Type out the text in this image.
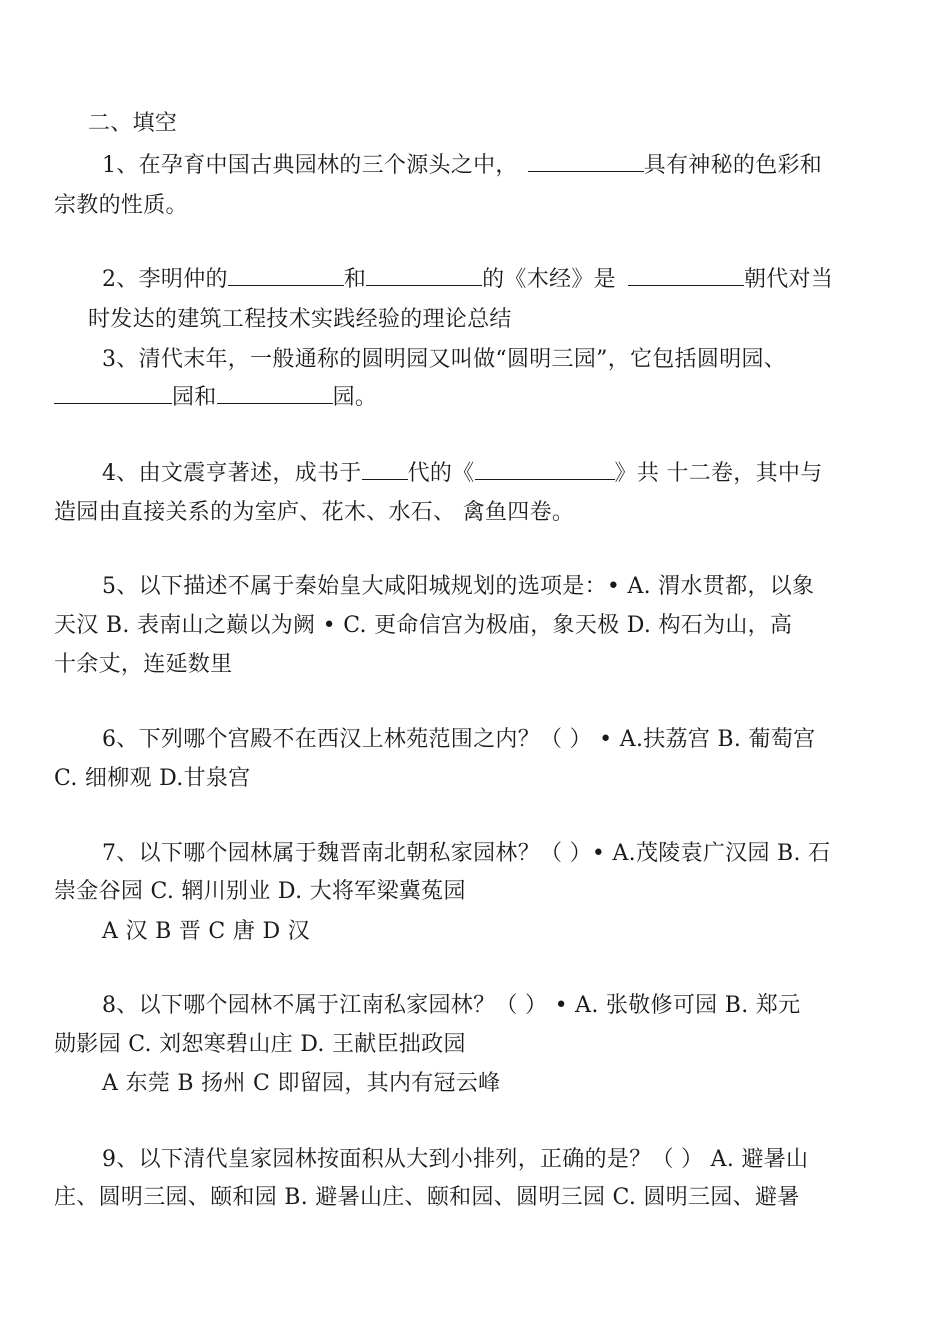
二、填空
1、在孕育中国古典园林的三个源头之中，	具有神秘的色彩和
宗教的性质。
2、李明仲的	和	的《木经》是	朝代对当
时发达的建筑工程技术实践经验的理论总结
3、清代末年，一般通称的圆明园又叫做“圆明三园”，它包括圆明园、
园和	园。
4、由文震亨著述，成书于 代的《	》共 十二卷，其中与
造园由直接关系的为室庐、花木、水石、 禽鱼四卷。
5、以下描述不属于秦始皇大咸阳城规划的选项是：• A. 渭水贯都，以象
天汉 B. 表南山之巅以为阙 • C. 更命信宫为极庙，象天极 D. 构石为山，高
十余丈，连延数里
6、下列哪个宫殿不在西汉上林苑范围之内？（ ） • A.扶荔宫 B. 葡萄宫
C. 细柳观 D.甘泉宫
7、以下哪个园林属于魏晋南北朝私家园林？（ ）• A.茂陵袁广汉园 B. 石
崇金谷园 C. 辋川别业 D. 大将军梁冀菟园
A 汉 B 晋 C 唐 D 汉
8、以下哪个园林不属于江南私家园林？（ ） • A. 张敬修可园 B. 郑元
勋影园 C. 刘恕寒碧山庄 D. 王献臣拙政园
A 东莞 B 扬州 C 即留园，其内有冠云峰
9、以下清代皇家园林按面积从大到小排列，正确的是？（ ） A. 避暑山
庄、圆明三园、颐和园 B. 避暑山庄、颐和园、圆明三园 C. 圆明三园、避暑
